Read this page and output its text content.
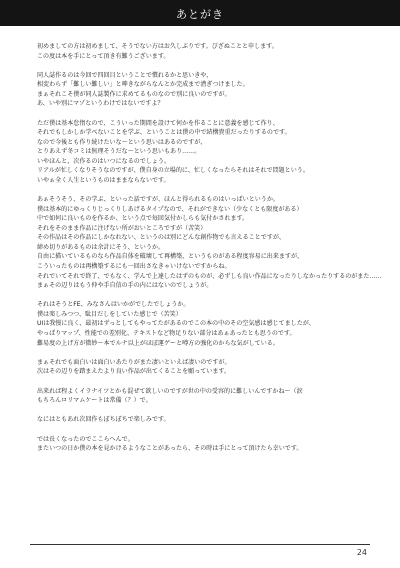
あとがき
初めましての方は初めまして、そうでない方はお久しぶりです。ぴざぬことと申します。
この度は本を手にとって頂き有難うございます。
同人誌作るのは今回で四回目ということで慣れるかと思いきや、
相変わらず「難しい難しい」と呻きながらなんとか完成まで漕ぎつけました。
まぁそれこそ僕が同人誌製作に求めてるものなので別に良いのですが。
あ、いや別にマゾというわけではないですよ？
ただ僕は基本怠惰なので、こういった期間を設けて何かを作ることに意義を感じて作り、
それでもしかしか学べないことを学ぶ、ということは僕の中で結構貴重だったりするのです。
なので今後とも作り続けたいな～という思いはあるのですが、
とりあえず冬コミは無理そうだな～という思いもあり……。
いやほんと、次作るのはいつになるのでしょう。
リアルが忙しくなりそうなのですが、僕自身の立場的に、忙しくなったらそれはそれで問題という。
いやぁ全く人生というものはままならないです。
あぁそうそう、その学ぶ、といった話ですが、ほんと得られるものはいっぱいというか。
僕は基本的にゆっくりじっくりしあげるタイプなので、それができない（少なくとも限度がある）
中で如何に良いものを作るか、という点で毎回気付かしらも気付かされます。
それをそのまま作品に注げない所がおいところですが（苦笑）
その作品はその作品にしかなれない、というのは別にどんな創作物でも言えることですが、
締め切りがあるものは余計にそう、というか。
自由に描いているものなら作品自体を破壊して再構築、というものがある程度容易に出来ますが、
こういったものは再構築するにも一回出さなきゃいけないですからね。
それでいてそれで終了、でもなく、学んで上達したはずのものが、必ずしも良い作品になったりしなかったりするのがまた……
まぁその辺りはもう仲や手自信の手の内にはないのでしょうが。
それはそうとFE、みなさんはいかがでしたでしょうか。
僕は楽しみつつ、駄目だしをしていた感じで（苦笑）
UIは我慢に良く、最初はずっとしてもやってたがあるのでこの本の中のその空気感は感じてましたが、
やっぱりマップ、性能での差別化、テキストなど物足りない部分はあぁあったとも思うのです。
難易度の上げ方が微妙～本でルナ以上がほぼ運ゲーと噂方の強化のからな気がしている。
まぁそれでも面白いは面白いあたりがまた凄いといえば凄いのですが。
次はその辺りを踏まえたより良い作品が出てくることを願っています。
出来れば程よくイラナイツとかも混ぜて欲しいのですが世の中の受容的に難しいんですかね～（涙
もちろんロリマムケートは常備（？）で。
なにはともあれ次回作もぼちぼちで楽しみです。
では長くなったのでここらへんで。
またいつの日か僕の本を見かけるようなことがあったら、その時は手にとって頂けたら幸いです。
24
